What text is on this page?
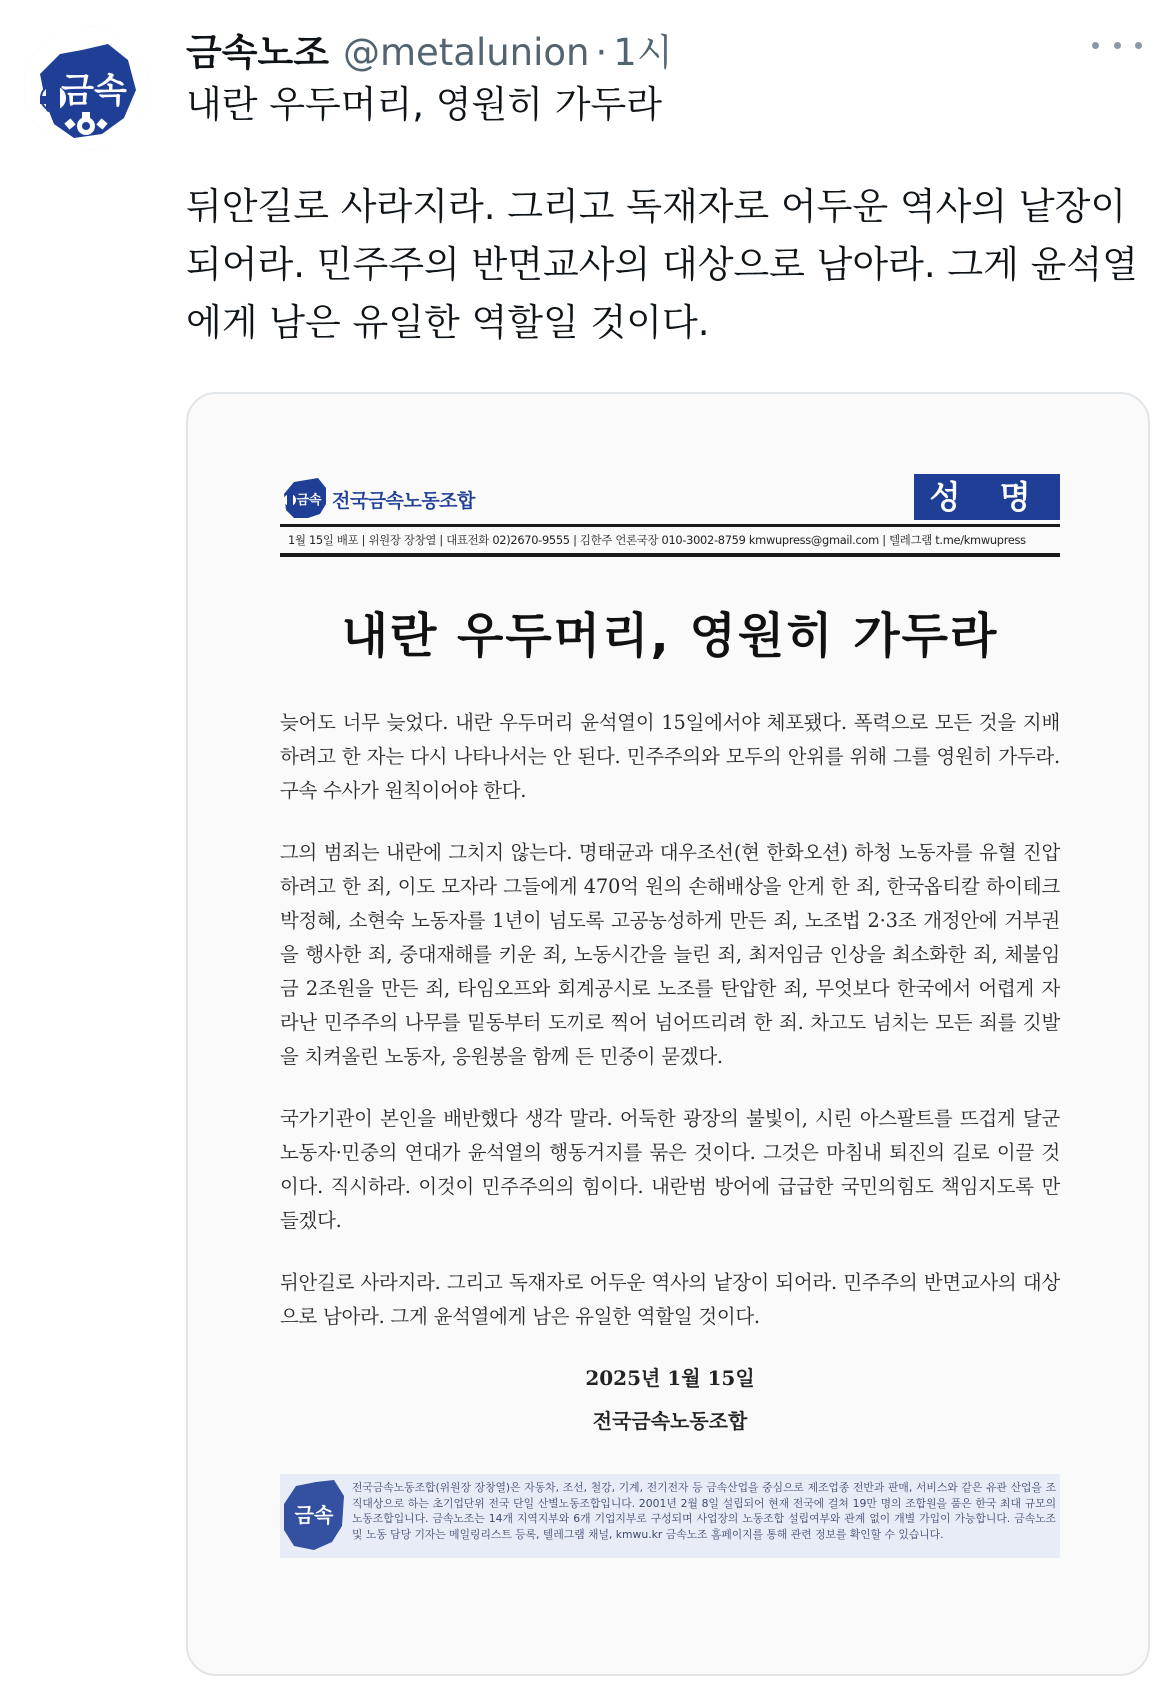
금속
금속노조 @metalunion · 1시

내란 우두머리, 영원히 가두라

뒤안길로 사라지라. 그리고 독재자로 어두운 역사의 낱장이 되어라. 민주주의 반면교사의 대상으로 남아라. 그게 윤석열에게 남은 유일한 역할일 것이다.

금속 전국금속노동조합	성 명
1월 15일 배포 | 위원장 장창열 | 대표전화 02)2670-9555 | 김한주 언론국장 010-3002-8759 kmwupress@gmail.com | 텔레그램 t.me/kmwupress
내란 우두머리, 영원히 가두라

늦어도 너무 늦었다. 내란 우두머리 윤석열이 15일에서야 체포됐다. 폭력으로 모든 것을 지배하려고 한 자는 다시 나타나서는 안 된다. 민주주의와 모두의 안위를 위해 그를 영원히 가두라. 구속 수사가 원칙이어야 한다.

그의 범죄는 내란에 그치지 않는다. 명태균과 대우조선(현 한화오션) 하청 노동자를 유혈 진압하려고 한 죄, 이도 모자라 그들에게 470억 원의 손해배상을 안게 한 죄, 한국옵티칼 하이테크 박정혜, 소현숙 노동자를 1년이 넘도록 고공농성하게 만든 죄, 노조법 2·3조 개정안에 거부권을 행사한 죄, 중대재해를 키운 죄, 노동시간을 늘린 죄, 최저임금 인상을 최소화한 죄, 체불임금 2조원을 만든 죄, 타임오프와 회계공시로 노조를 탄압한 죄, 무엇보다 한국에서 어렵게 자라난 민주주의 나무를 밑동부터 도끼로 찍어 넘어뜨리려 한 죄. 차고도 넘치는 모든 죄를 깃발을 치켜올린 노동자, 응원봉을 함께 든 민중이 묻겠다.

국가기관이 본인을 배반했다 생각 말라. 어둑한 광장의 불빛이, 시린 아스팔트를 뜨겁게 달군 노동자·민중의 연대가 윤석열의 행동거지를 묶은 것이다. 그것은 마침내 퇴진의 길로 이끌 것이다. 직시하라. 이것이 민주주의의 힘이다. 내란범 방어에 급급한 국민의힘도 책임지도록 만들겠다.

뒤안길로 사라지라. 그리고 독재자로 어두운 역사의 낱장이 되어라. 민주주의 반면교사의 대상으로 남아라. 그게 윤석열에게 남은 유일한 역할일 것이다.

2025년 1월 15일
전국금속노동조합
금속
전국금속노동조합(위원장 장창열)은 자동차, 조선, 철강, 기계, 전기전자 등 금속산업을 중심으로 제조업종 전반과 판매, 서비스와 같은 유관 산업을 조직대상으로 하는 초기업단위 전국 단일 산별노동조합입니다. 2001년 2월 8일 설립되어 현재 전국에 걸쳐 19만 명의 조합원을 품은 한국 최대 규모의 노동조합입니다. 금속노조는 14개 지역지부와 6개 기업지부로 구성되며 사업장의 노동조합 설립여부와 관계 없이 개별 가입이 가능합니다. 금속노조 및 노동 담당 기자는 메일링리스트 등록, 텔레그램 채널, kmwu.kr 금속노조 홈페이지를 통해 관련 정보를 확인할 수 있습니다.
